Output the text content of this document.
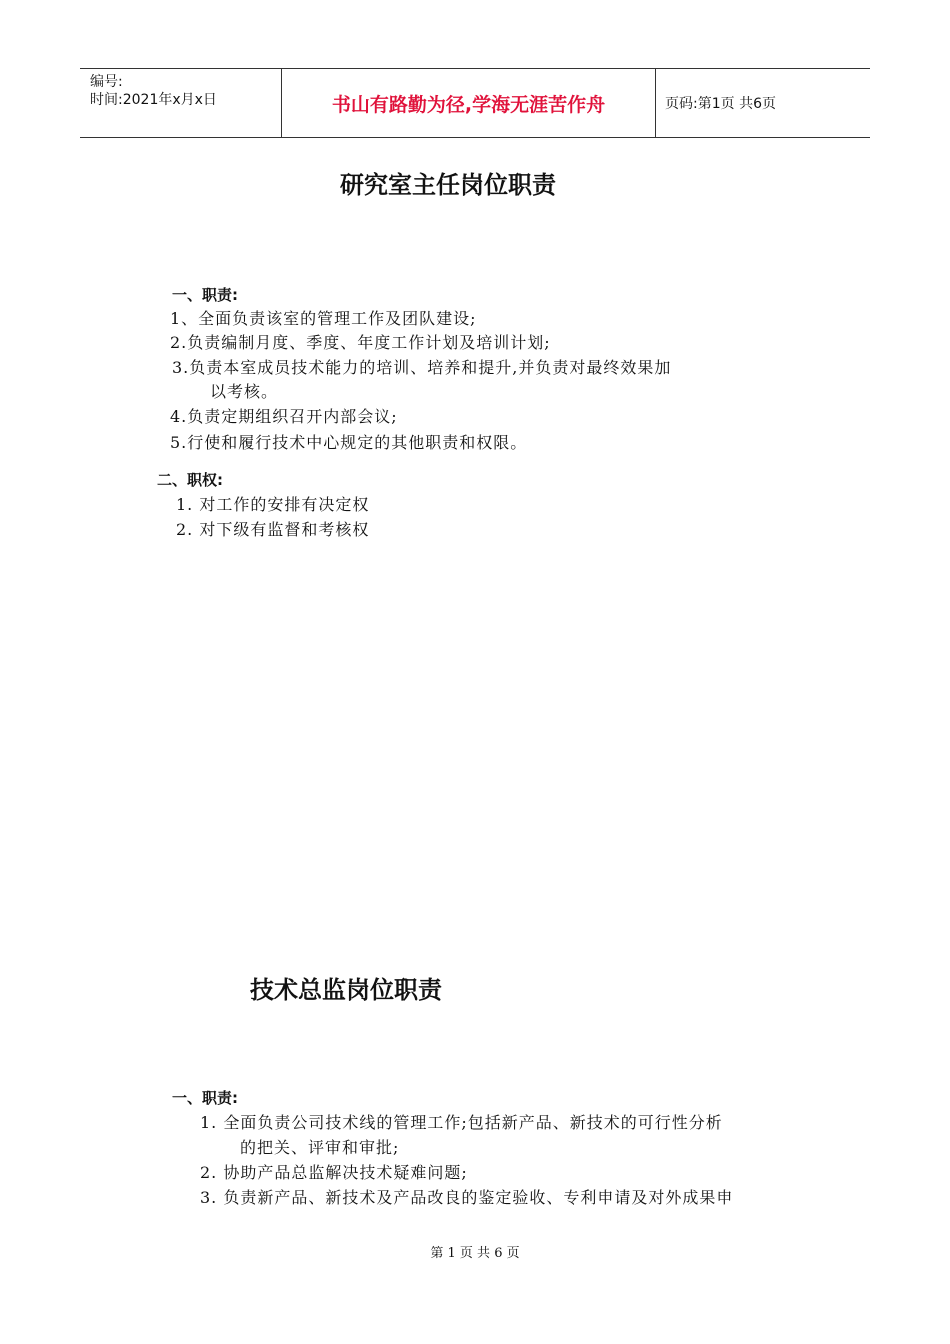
编号:
时间:2021年x月x日	书山有路勤为径,学海无涯苦作舟	页码:第1页 共6页
研究室主任岗位职责
一、职责:
1、全面负责该室的管理工作及团队建设;
2.负责编制月度、季度、年度工作计划及培训计划;
3.负责本室成员技术能力的培训、培养和提升,并负责对最终效果加
以考核。
4.负责定期组织召开内部会议;
5.行使和履行技术中心规定的其他职责和权限。
二、职权:
1. 对工作的安排有决定权
2. 对下级有监督和考核权
技术总监岗位职责
一、职责:
1. 全面负责公司技术线的管理工作;包括新产品、新技术的可行性分析
的把关、评审和审批;
2. 协助产品总监解决技术疑难问题;
3. 负责新产品、新技术及产品改良的鉴定验收、专利申请及对外成果申
第 1 页 共 6 页
